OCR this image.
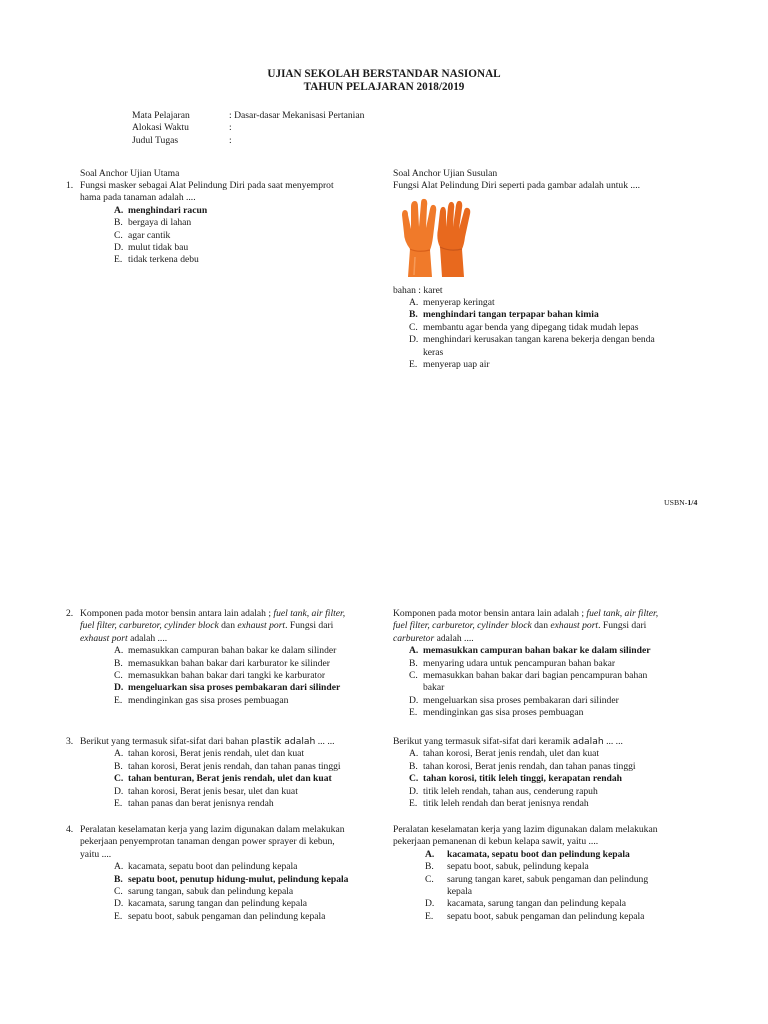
UJIAN SEKOLAH BERSTANDAR NASIONAL
TAHUN PELAJARAN 2018/2019
Mata Pelajaran	: Dasar-dasar Mekanisasi Pertanian
Alokasi Waktu	:
Judul Tugas	:
Soal Anchor Ujian Utama	Soal Anchor Ujian Susulan
1. Fungsi masker sebagai Alat Pelindung Diri pada saat menyemprot
hama pada tanaman adalah ....
A. menghindari racun
B. bergaya di lahan
C. agar cantik
D. mulut tidak bau
E. tidak terkena debu
Fungsi Alat Pelindung Diri seperti pada gambar adalah untuk ....
bahan : karet
A. menyerap keringat
B. menghindari tangan terpapar bahan kimia
C. membantu agar benda yang dipegang tidak mudah lepas
D. menghindari kerusakan tangan karena bekerja dengan benda
keras
E. menyerap uap air
USBN-1/4
2. Komponen pada motor bensin antara lain adalah ; fuel tank, air filter,
fuel filter, carburetor, cylinder block dan exhaust port. Fungsi dari
exhaust port adalah ....
A. memasukkan campuran bahan bakar ke dalam silinder
B. memasukkan bahan bakar dari karburator ke silinder
C. memasukkan bahan bakar dari tangki ke karburator
D. mengeluarkan sisa proses pembakaran dari silinder
E. mendinginkan gas sisa proses pembuagan
Komponen pada motor bensin antara lain adalah ; fuel tank, air filter,
fuel filter, carburetor, cylinder block dan exhaust port. Fungsi dari
carburetor adalah ....
A. memasukkan campuran bahan bakar ke dalam silinder
B. menyaring udara untuk pencampuran bahan bakar
C. memasukkan bahan bakar dari bagian pencampuran bahan
bakar
D. mengeluarkan sisa proses pembakaran dari silinder
E. mendinginkan gas sisa proses pembuagan
3. Berikut yang termasuk sifat-sifat dari bahan plastik adalah ... ...
A. tahan korosi, Berat jenis rendah, ulet dan kuat
B. tahan korosi, Berat jenis rendah, dan tahan panas tinggi
C. tahan benturan, Berat jenis rendah, ulet dan kuat
D. tahan korosi, Berat jenis besar, ulet dan kuat
E. tahan panas dan berat jenisnya rendah
Berikut yang termasuk sifat-sifat dari keramik adalah ... ...
A. tahan korosi, Berat jenis rendah, ulet dan kuat
B. tahan korosi, Berat jenis rendah, dan tahan panas tinggi
C. tahan korosi, titik leleh tinggi, kerapatan rendah
D. titik leleh rendah, tahan aus, cenderung rapuh
E. titik leleh rendah dan berat jenisnya rendah
4. Peralatan keselamatan kerja yang lazim digunakan dalam melakukan
pekerjaan penyemprotan tanaman dengan power sprayer di kebun,
yaitu ....
A. kacamata, sepatu boot dan pelindung kepala
B. sepatu boot, penutup hidung-mulut, pelindung kepala
C. sarung tangan, sabuk dan pelindung kepala
D. kacamata, sarung tangan dan pelindung kepala
E. sepatu boot, sabuk pengaman dan pelindung kepala
Peralatan keselamatan kerja yang lazim digunakan dalam melakukan
pekerjaan pemanenan di kebun kelapa sawit, yaitu ....
A. kacamata, sepatu boot dan pelindung kepala
B. sepatu boot, sabuk, pelindung kepala
C. sarung tangan karet, sabuk pengaman dan pelindung
kepala
D. kacamata, sarung tangan dan pelindung kepala
E. sepatu boot, sabuk pengaman dan pelindung kepala
